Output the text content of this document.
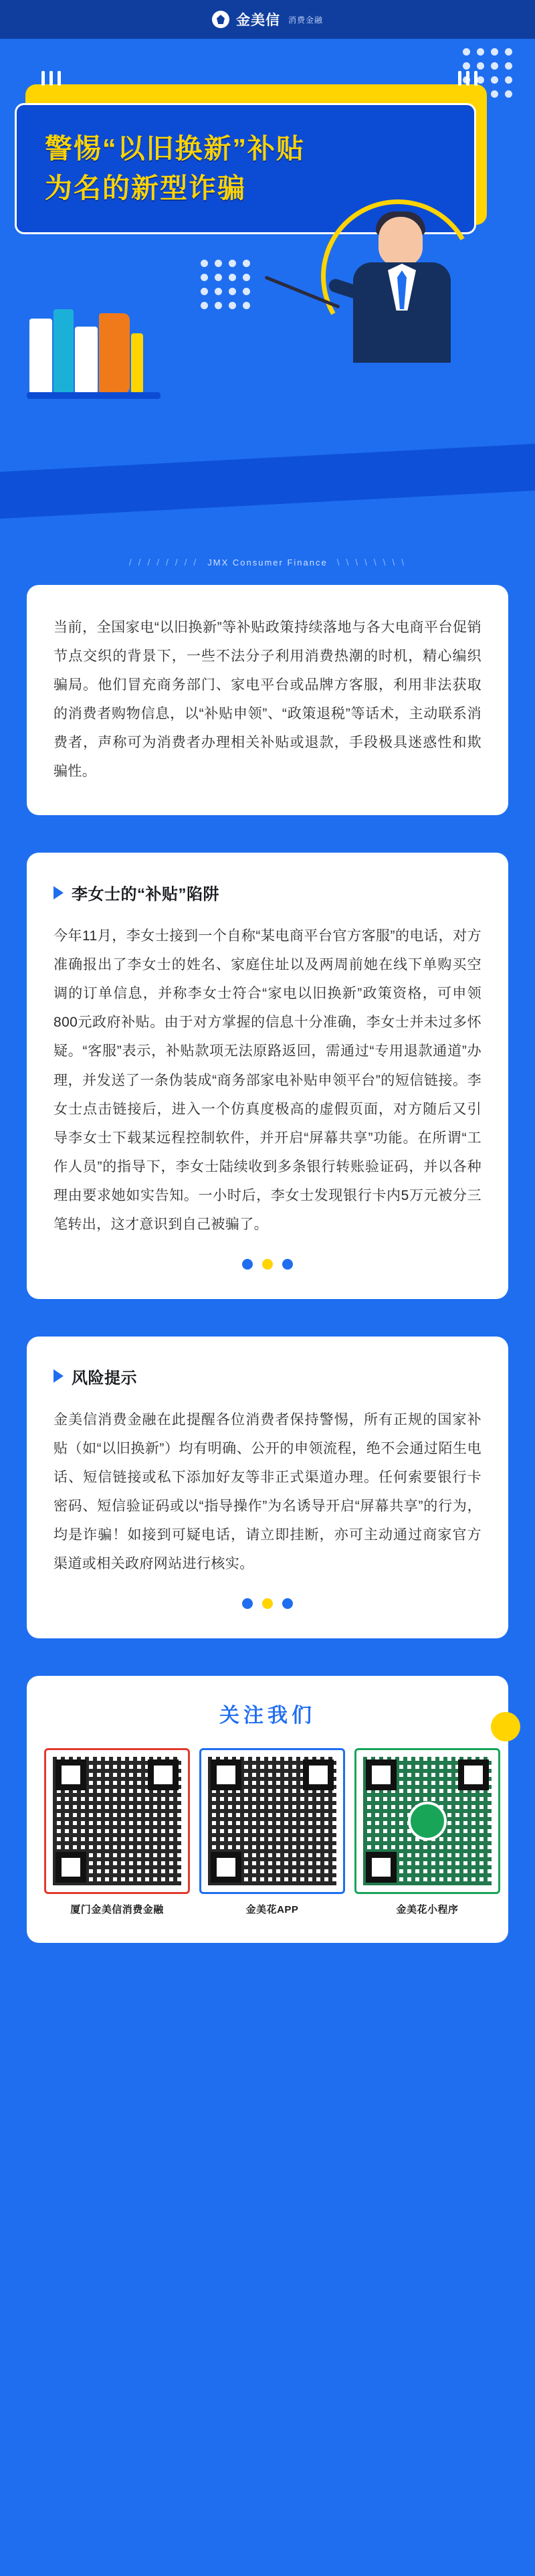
金美信 消费金融
警惕“以旧换新”补贴
为名的新型诈骗
/ / / / / / / / JMX Consumer Finance \ \ \ \ \ \ \ \

当前，全国家电“以旧换新”等补贴政策持续落地与各大电商平台促销节点交织的背景下，一些不法分子利用消费热潮的时机，精心编织骗局。他们冒充商务部门、家电平台或品牌方客服，利用非法获取的消费者购物信息，以“补贴申领”、“政策退税”等话术，主动联系消费者，声称可为消费者办理相关补贴或退款，手段极具迷惑性和欺骗性。

李女士的“补贴”陷阱

今年11月，李女士接到一个自称“某电商平台官方客服”的电话，对方准确报出了李女士的姓名、家庭住址以及两周前她在线下单购买空调的订单信息，并称李女士符合“家电以旧换新”政策资格，可申领800元政府补贴。由于对方掌握的信息十分准确，李女士并未过多怀疑。“客服”表示，补贴款项无法原路返回，需通过“专用退款通道”办理，并发送了一条伪装成“商务部家电补贴申领平台”的短信链接。李女士点击链接后，进入一个仿真度极高的虚假页面，对方随后又引导李女士下载某远程控制软件，并开启“屏幕共享”功能。在所谓“工作人员”的指导下，李女士陆续收到多条银行转账验证码，并以各种理由要求她如实告知。一小时后，李女士发现银行卡内5万元被分三笔转出，这才意识到自己被骗了。

风险提示

金美信消费金融在此提醒各位消费者保持警惕，所有正规的国家补贴（如“以旧换新”）均有明确、公开的申领流程，绝不会通过陌生电话、短信链接或私下添加好友等非正式渠道办理。任何索要银行卡密码、短信验证码或以“指导操作”为名诱导开启“屏幕共享”的行为，均是诈骗！如接到可疑电话，请立即挂断，亦可主动通过商家官方渠道或相关政府网站进行核实。

关注我们
厦门金美信消费金融	金美花APP	金美花小程序
